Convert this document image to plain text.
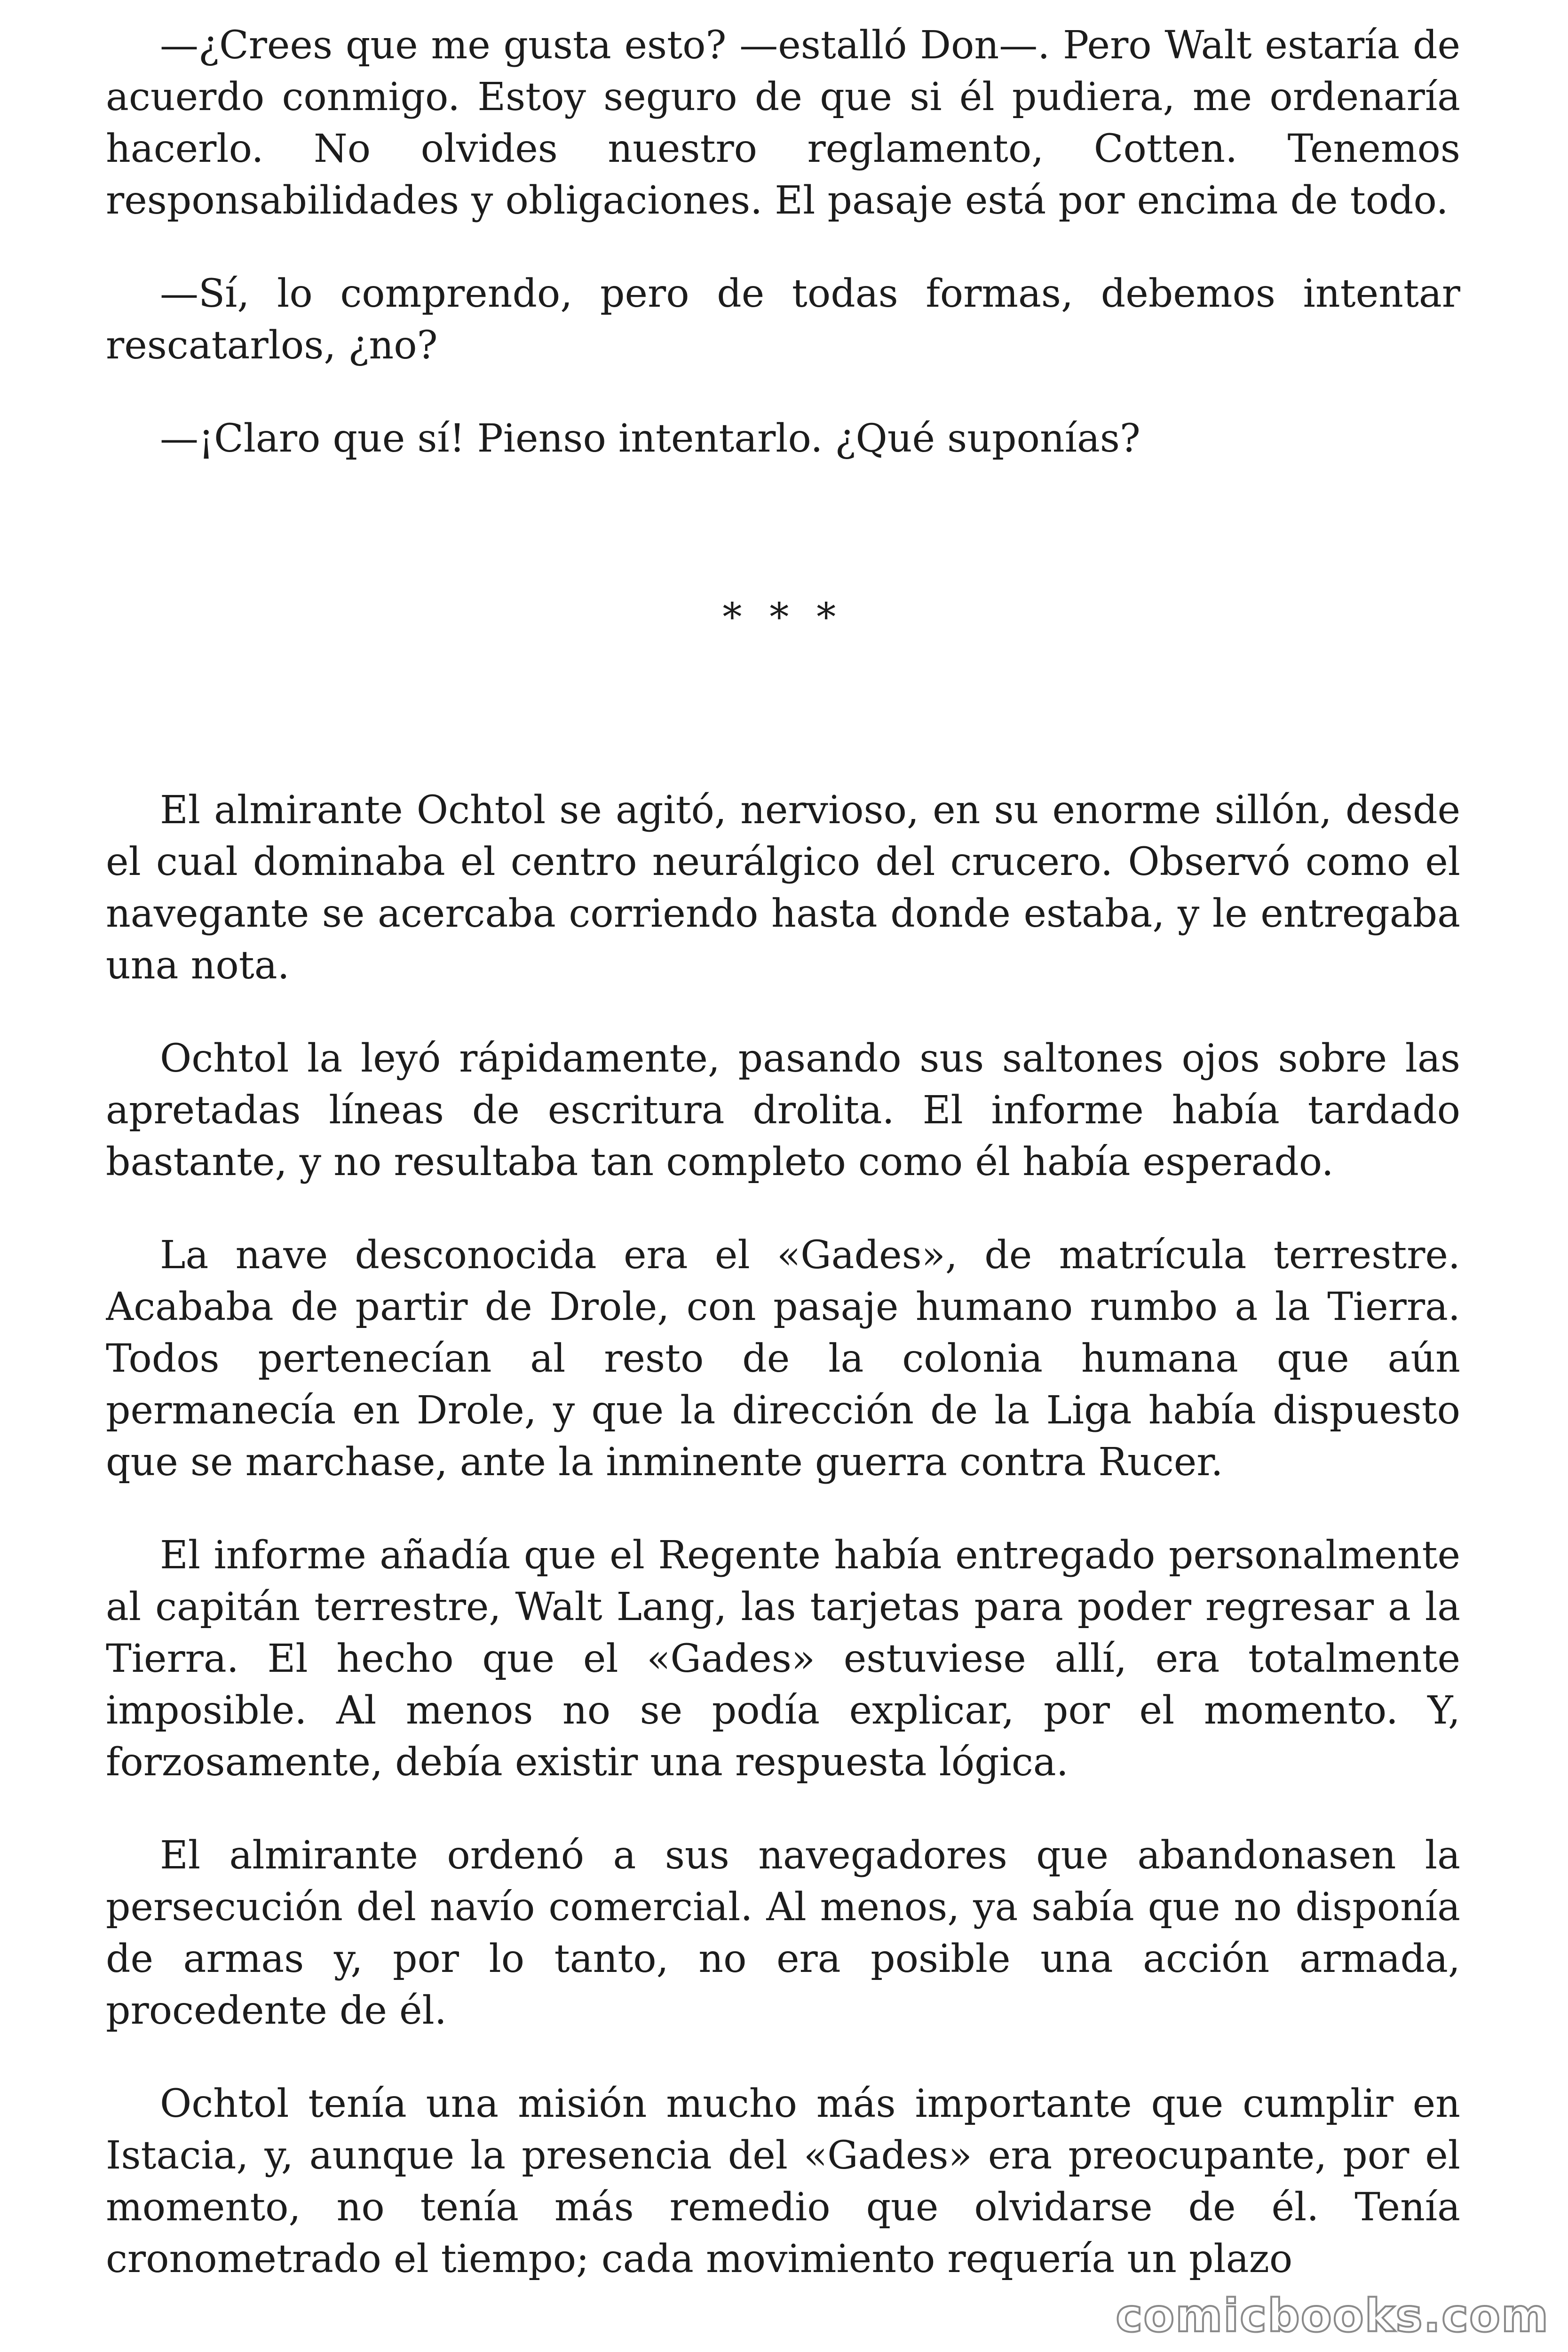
—¿Crees que me gusta esto? —estalló Don—. Pero Walt estaría de acuerdo conmigo. Estoy seguro de que si él pudiera, me ordenaría hacerlo. No olvides nuestro reglamento, Cotten. Tenemos responsabilidades y obligaciones. El pasaje está por encima de todo.

—Sí, lo comprendo, pero de todas formas, debemos intentar rescatarlos, ¿no?

—¡Claro que sí! Pienso intentarlo. ¿Qué suponías?

* * *

El almirante Ochtol se agitó, nervioso, en su enorme sillón, desde el cual dominaba el centro neurálgico del crucero. Observó como el navegante se acercaba corriendo hasta donde estaba, y le entregaba una nota.

Ochtol la leyó rápidamente, pasando sus saltones ojos sobre las apretadas líneas de escritura drolita. El informe había tardado bastante, y no resultaba tan completo como él había esperado.

La nave desconocida era el «Gades», de matrícula terrestre. Acababa de partir de Drole, con pasaje humano rumbo a la Tierra. Todos pertenecían al resto de la colonia humana que aún permanecía en Drole, y que la dirección de la Liga había dispuesto que se marchase, ante la inminente guerra contra Rucer.

El informe añadía que el Regente había entregado personalmente al capitán terrestre, Walt Lang, las tarjetas para poder regresar a la Tierra. El hecho que el «Gades» estuviese allí, era totalmente imposible. Al menos no se podía explicar, por el momento. Y, forzosamente, debía existir una respuesta lógica.

El almirante ordenó a sus navegadores que abandonasen la persecución del navío comercial. Al menos, ya sabía que no disponía de armas y, por lo tanto, no era posible una acción armada, procedente de él.

Ochtol tenía una misión mucho más importante que cumplir en Istacia, y, aunque la presencia del «Gades» era preocupante, por el momento, no tenía más remedio que olvidarse de él. Tenía cronometrado el tiempo; cada movimiento requería un plazo

comicbooks.com
